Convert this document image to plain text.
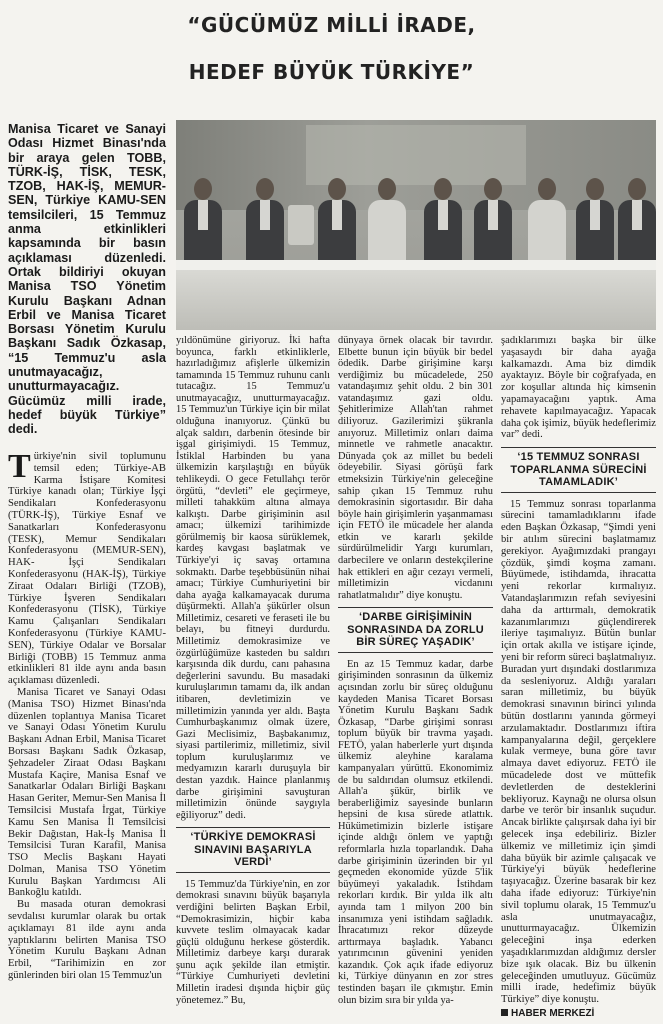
“GÜCÜMÜZ MİLLİ İRADE,
HEDEF BÜYÜK TÜRKİYE”
Manisa Ticaret ve Sanayi Odası Hizmet Binası'nda bir araya gelen TOBB, TÜRK-İŞ, TİSK, TESK, TZOB, HAK-İŞ, MEMUR-SEN, Türkiye KAMU-SEN temsilcileri, 15 Temmuz anma etkinlikleri kapsamında bir basın açıklaması düzenledi. Ortak bildiriyi okuyan Manisa TSO Yönetim Kurulu Başkanı Adnan Erbil ve Manisa Ticaret Borsası Yönetim Kurulu Başkanı Sadık Özkasap, “15 Temmuz'u asla unutmayacağız, unutturmayacağız. Gücümüz milli irade, hedef büyük Türkiye” dedi.

Türkiye'nin sivil toplumunu temsil eden; Türkiye-AB Karma İstişare Komitesi Türkiye kanadı olan; Türkiye İşçi Sendikaları Konfederasyonu (TÜRK-İŞ), Türkiye Esnaf ve Sanatkarları Konfederasyonu (TESK), Memur Sendikaları Konfederasyonu (MEMUR-SEN), HAK- İşçi Sendikaları Konfederasyonu (HAK-İŞ), Türkiye Ziraat Odaları Birliği (TZOB), Türkiye İşveren Sendikaları Konfederasyonu (TİSK), Türkiye Kamu Çalışanları Sendikaları Konfederasyonu (Türkiye KAMU-SEN), Türkiye Odalar ve Borsalar Birliği (TOBB) 15 Temmuz anma etkinlikleri 81 ilde aynı anda basın açıklaması düzenledi.

Manisa Ticaret ve Sanayi Odası (Manisa TSO) Hizmet Binası'nda düzenlen toplantıya Manisa Ticaret ve Sanayi Odası Yönetim Kurulu Başkanı Adnan Erbil, Manisa Ticaret Borsası Başkanı Sadık Özkasap, Şehzadeler Ziraat Odası Başkanı Mustafa Kaçire, Manisa Esnaf ve Sanatkarlar Odaları Birliği Başkanı Hasan Geriter, Memur-Sen Manisa İl Temsilcisi Mustafa İrgat, Türkiye Kamu Sen Manisa İl Temsilcisi Bekir Dağıstan, Hak-İş Manisa İl Temsilcisi Turan Karafil, Manisa TSO Meclis Başkanı Hayati Dolman, Manisa TSO Yönetim Kurulu Başkan Yardımcısı Ali Bankoğlu katıldı.

Bu masada oturan demokrasi sevdalısı kurumlar olarak bu ortak açıklamayı 81 ilde aynı anda yaptıklarını belirten Manisa TSO Yönetim Kurulu Başkanı Adnan Erbil, “Tarihimizin en zor günlerinden biri olan 15 Temmuz'un

yıldönümüne giriyoruz. İki hafta boyunca, farklı etkinliklerle, hazırladığımız afişlerle ülkemizin tamamında 15 Temmuz ruhunu canlı tutacağız. 15 Temmuz'u unutmayacağız, unutturmayacağız. 15 Temmuz'un Türkiye için bir milat olduğuna inanıyoruz. Çünkü bu alçak saldırı, darbenin ötesinde bir işgal girişimiydi. 15 Temmuz, İstiklal Harbinden bu yana ülkemizin karşılaştığı en büyük tehlikeydi. O gece Fetullahçı terör örgütü, “devleti” ele geçirmeye, milleti tahakküm altına almaya kalkıştı. Darbe girişiminin asıl amacı; ülkemizi tarihimizde görülmemiş bir kaosa sürüklemek, kardeş kavgası başlatmak ve Türkiye'yi iç savaş ortamına sokmaktı. Darbe teşebbüsünün nihai amacı; Türkiye Cumhuriyetini bir daha ayağa kalkamayacak duruma düşürmekti. Allah'a şükürler olsun Milletimiz, cesareti ve feraseti ile bu belayı, bu fitneyi durdurdu. Milletimiz demokrasimize ve özgürlüğümüze kasteden bu saldırı karşısında dik durdu, canı pahasına değerlerini savundu. Bu masadaki kuruluşlarımın tamamı da, ilk andan itibaren, devletimizin ve milletimizin yanında yer aldı. Başta Cumhurbaşkanımız olmak üzere, Gazi Meclisimiz, Başbakanımız, siyasi partilerimiz, milletimiz, sivil toplum kuruluşlarımız ve medyamızın kararlı duruşuyla bir destan yazdık. Haince planlanmış darbe girişimini savuşturan milletimizin önünde saygıyla eğiliyoruz” dedi.

‘TÜRKİYE DEMOKRASİ SINAVINI BAŞARIYLA VERDİ’

15 Temmuz'da Türkiye'nin, en zor demokrasi sınavını büyük başarıyla verdiğini belirten Başkan Erbil, “Demokrasimizin, hiçbir kaba kuvvete teslim olmayacak kadar güçlü olduğunu herkese gösterdik. Milletimiz darbeye karşı durarak şunu açık şekilde ilan etmiştir. “Türkiye Cumhuriyeti devletini Milletin iradesi dışında hiçbir güç yönetemez.” Bu,

dünyaya örnek olacak bir tavırdır. Elbette bunun için büyük bir bedel ödedik. Darbe girişimine karşı verdiğimiz bu mücadelede, 250 vatandaşımız şehit oldu. 2 bin 301 vatandaşımız gazi oldu. Şehitlerimize Allah'tan rahmet diliyoruz. Gazilerimizi şükranla anıyoruz. Milletimiz onları daima minnetle ve rahmetle anacaktır. Dünyada çok az millet bu bedeli ödeyebilir. Siyasi görüşü fark etmeksizin Türkiye'nin geleceğine sahip çıkan 15 Temmuz ruhu demokrasinin sigortasıdır. Bir daha böyle hain girişimlerin yaşanmaması için FETÖ ile mücadele her alanda etkin ve kararlı şekilde sürdürülmelidir Yargı kurumları, darbecilere ve onların destekçilerine hak ettikleri en ağır cezayı vermeli, milletimizin vicdanını rahatlatmalıdır” diye konuştu.

‘DARBE GİRİŞİMİNİN SONRASINDA DA ZORLU BİR SÜREÇ YAŞADIK’

En az 15 Temmuz kadar, darbe girişiminden sonrasının da ülkemiz açısından zorlu bir süreç olduğunu kaydeden Manisa Ticaret Borsası Yönetim Kurulu Başkanı Sadık Özkasap, “Darbe girişimi sonrası toplum büyük bir travma yaşadı. FETÖ, yalan haberlerle yurt dışında ülkemiz aleyhine karalama kampanyaları yürüttü. Ekonomimiz de bu saldırıdan olumsuz etkilendi. Allah'a şükür, birlik ve beraberliğimiz sayesinde bunların hepsini de kısa sürede atlattık. Hükümetimizin bizlerle istişare içinde aldığı önlem ve yaptığı reformlarla hızla toparlandık. Daha darbe girişiminin üzerinden bir yıl geçmeden ekonomide yüzde 5'lik büyümeyi yakaladık. İstihdam rekorları kırdık. Bir yılda ilk altı ayında tam 1 milyon 200 bin insanımıza yeni istihdam sağladık. İhracatımızı rekor düzeyde arttırmaya başladık. Yabancı yatırımcının güvenini yeniden kazandık. Çok açık ifade ediyoruz ki, Türkiye dünyanın en zor stres testinden başarı ile çıkmıştır. Emin olun bizim sıra bir yılda ya-

şadıklarımızı başka bir ülke yaşasaydı bir daha ayağa kalkamazdı. Ama biz dimdik ayaktayız. Böyle bir coğrafyada, en zor koşullar altında hiç kimsenin yapamayacağını yaptık. Ama rehavete kapılmayacağız. Yapacak daha çok işimiz, büyük hedeflerimiz var” dedi.

‘15 TEMMUZ SONRASI TOPARLANMA SÜRECİNİ TAMAMLADIK’

15 Temmuz sonrası toparlanma sürecini tamamladıklarını ifade eden Başkan Özkasap, “Şimdi yeni bir atılım sürecini başlatmamız gerekiyor. Ayağımızdaki prangayı çözdük, şimdi koşma zamanı. Büyümede, istihdamda, ihracatta yeni rekorlar kırmalıyız. Vatandaşlarımızın refah seviyesini daha da arttırmalı, demokratik kazanımlarımızı güçlendirerek ileriye taşımalıyız. Bütün bunlar için ortak akılla ve istişare içinde, yeni bir reform süreci başlatmalıyız. Buradan yurt dışındaki dostlarımıza da sesleniyoruz. Aldığı yaraları saran milletimiz, bu büyük demokrasi sınavının birinci yılında bütün dostlarını yanında görmeyi arzulamaktadır. Dostlarımızı iftira kampanyalarına değil, gerçeklere kulak vermeye, buna göre tavır almaya davet ediyoruz. FETÖ ile mücadelede dost ve müttefik devletlerden de desteklerini bekliyoruz. Kaynağı ne olursa olsun darbe ve terör bir insanlık suçudur. Ancak birlikte çalışırsak daha iyi bir gelecek inşa edebiliriz. Bizler ülkemiz ve milletimiz için şimdi daha büyük bir azimle çalışacak ve Türkiye'yi büyük hedeflerine taşıyacağız. Üzerine basarak bir kez daha ifade ediyoruz: Türkiye'nin sivil toplumu olarak, 15 Temmuz'u asla unutmayacağız, unutturmayacağız. Ülkemizin geleceğini inşa ederken yaşadıklarımızdan aldığımız dersler bize ışık olacak. Biz bu ülkenin geleceğinden umutluyuz. Gücümüz milli irade, hedefimiz büyük Türkiye” diye konuştu.

HABER MERKEZİ
